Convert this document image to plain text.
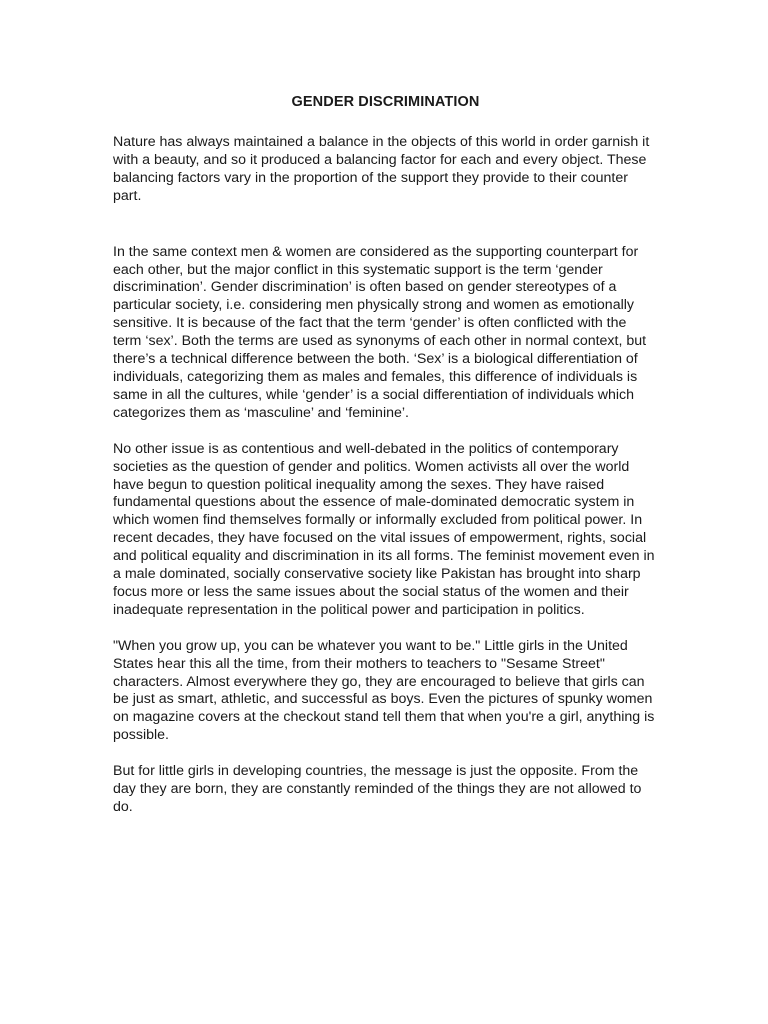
GENDER DISCRIMINATION

Nature has always maintained a balance in the objects of this world in order garnish it with a beauty, and so it produced a balancing factor for each and every object. These balancing factors vary in the proportion of the support they provide to their counter part.

In the same context men & women are considered as the supporting counterpart for each other, but the major conflict in this systematic support is the term ‘gender discrimination’. Gender discrimination’ is often based on gender stereotypes of a particular society, i.e. considering men physically strong and women as emotionally sensitive. It is because of the fact that the term ‘gender’ is often conflicted with the term ‘sex’. Both the terms are used as synonyms of each other in normal context, but there’s a technical difference between the both. ‘Sex’ is a biological differentiation of individuals, categorizing them as males and females, this difference of individuals is same in all the cultures, while ‘gender’ is a social differentiation of individuals which categorizes them as ‘masculine’ and ‘feminine’.

No other issue is as contentious and well-debated in the politics of contemporary societies as the question of gender and politics. Women activists all over the world have begun to question political inequality among the sexes. They have raised fundamental questions about the essence of male-dominated democratic system in which women find themselves formally or informally excluded from political power. In recent decades, they have focused on the vital issues of empowerment, rights, social and political equality and discrimination in its all forms. The feminist movement even in a male dominated, socially conservative society like Pakistan has brought into sharp focus more or less the same issues about the social status of the women and their inadequate representation in the political power and participation in politics.

"When you grow up, you can be whatever you want to be." Little girls in the United States hear this all the time, from their mothers to teachers to "Sesame Street" characters. Almost everywhere they go, they are encouraged to believe that girls can be just as smart, athletic, and successful as boys. Even the pictures of spunky women on magazine covers at the checkout stand tell them that when you're a girl, anything is possible.

But for little girls in developing countries, the message is just the opposite. From the day they are born, they are constantly reminded of the things they are not allowed to do.
